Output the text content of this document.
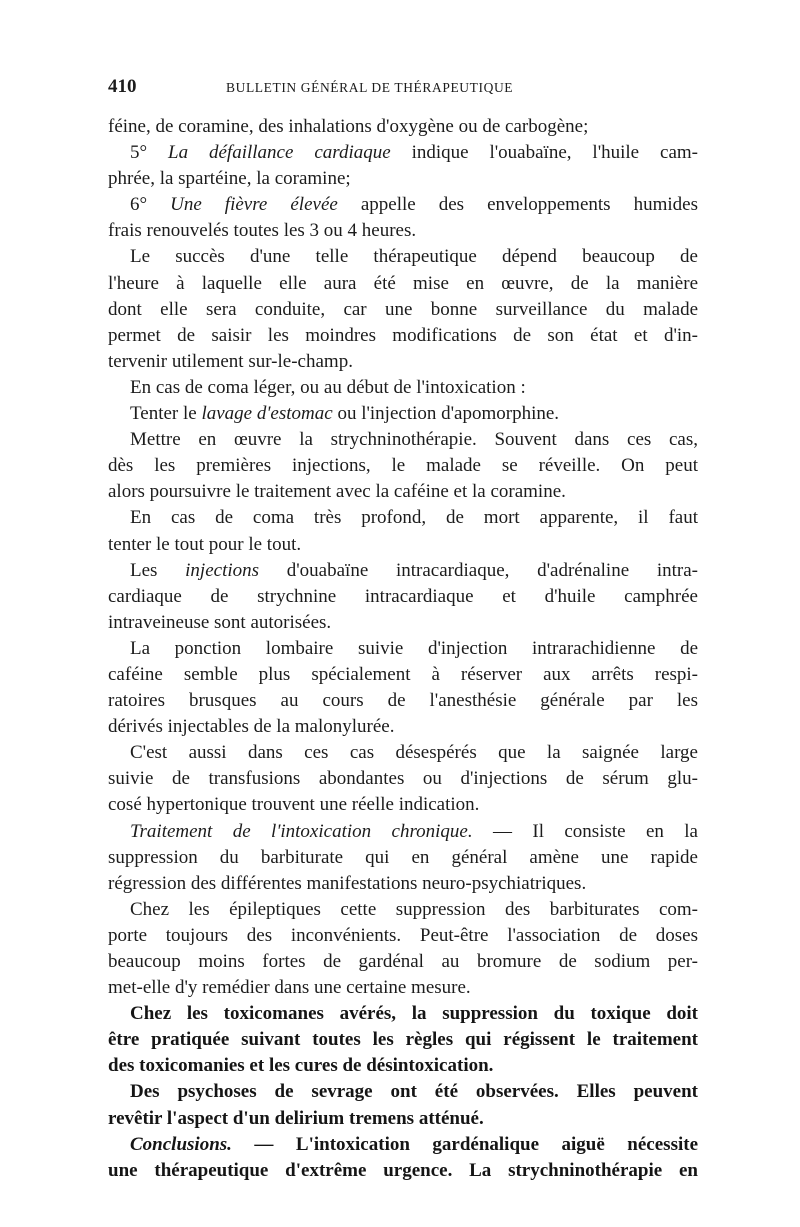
410	BULLETIN GÉNÉRAL DE THÉRAPEUTIQUE
féine, de coramine, des inhalations d'oxygène ou de carbogène;
5° La défaillance cardiaque indique l'ouabaïne, l'huile cam-
phrée, la spartéine, la coramine;
6° Une fièvre élevée appelle des enveloppements humides
frais renouvelés toutes les 3 ou 4 heures.
Le succès d'une telle thérapeutique dépend beaucoup de
l'heure à laquelle elle aura été mise en œuvre, de la manière
dont elle sera conduite, car une bonne surveillance du malade
permet de saisir les moindres modifications de son état et d'in-
tervenir utilement sur-le-champ.
En cas de coma léger, ou au début de l'intoxication :
Tenter le lavage d'estomac ou l'injection d'apomorphine.
Mettre en œuvre la strychninothérapie. Souvent dans ces cas,
dès les premières injections, le malade se réveille. On peut
alors poursuivre le traitement avec la caféine et la coramine.
En cas de coma très profond, de mort apparente, il faut
tenter le tout pour le tout.
Les injections d'ouabaïne intracardiaque, d'adrénaline intra-
cardiaque de strychnine intracardiaque et d'huile camphrée
intraveineuse sont autorisées.
La ponction lombaire suivie d'injection intrarachidienne de
caféine semble plus spécialement à réserver aux arrêts respi-
ratoires brusques au cours de l'anesthésie générale par les
dérivés injectables de la malonylurée.
C'est aussi dans ces cas désespérés que la saignée large
suivie de transfusions abondantes ou d'injections de sérum glu-
cosé hypertonique trouvent une réelle indication.
Traitement de l'intoxication chronique. — Il consiste en la
suppression du barbiturate qui en général amène une rapide
régression des différentes manifestations neuro-psychiatriques.
Chez les épileptiques cette suppression des barbiturates com-
porte toujours des inconvénients. Peut-être l'association de doses
beaucoup moins fortes de gardénal au bromure de sodium per-
met-elle d'y remédier dans une certaine mesure.
Chez les toxicomanes avérés, la suppression du toxique doit
être pratiquée suivant toutes les règles qui régissent le traitement
des toxicomanies et les cures de désintoxication.
Des psychoses de sevrage ont été observées. Elles peuvent
revêtir l'aspect d'un delirium tremens atténué.
Conclusions. — L'intoxication gardénalique aiguë nécessite
une thérapeutique d'extrême urgence. La strychninothérapie en
